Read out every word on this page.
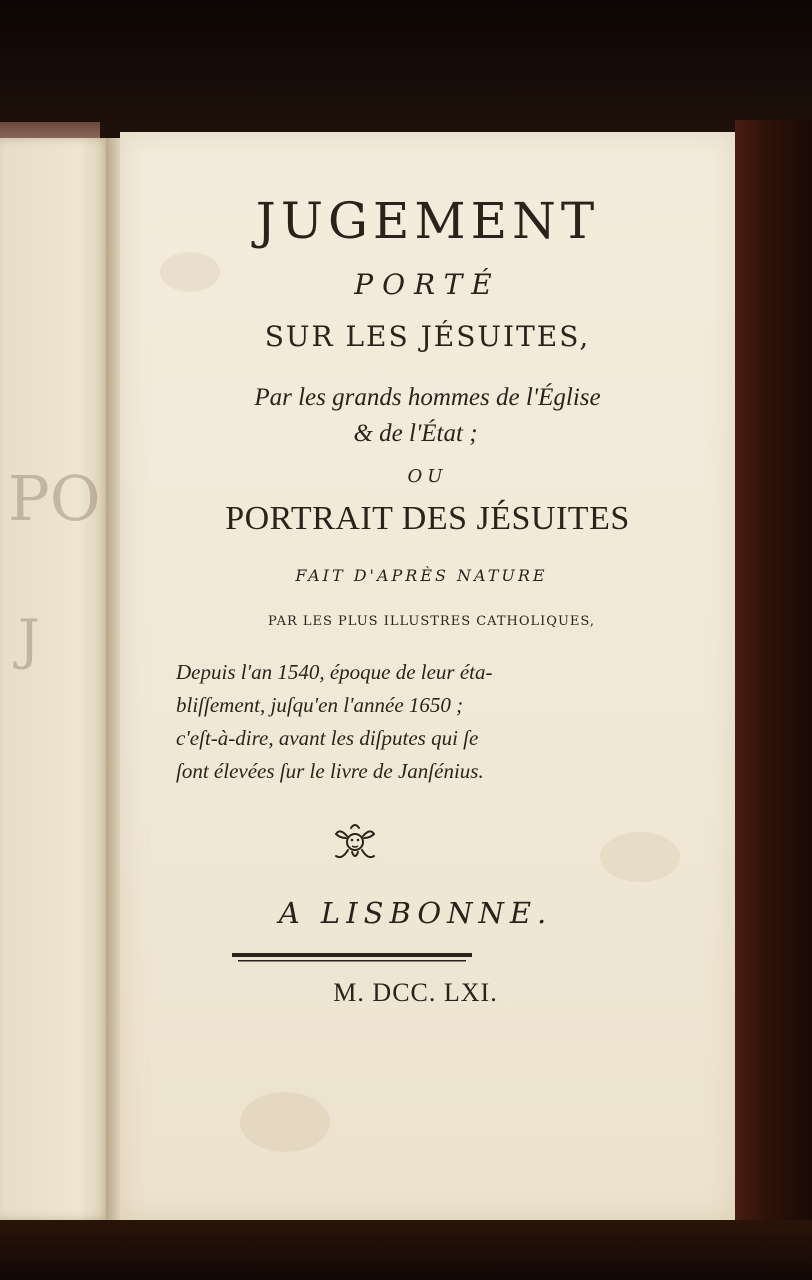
PO
J
JUGEMENT
PORTÉ
SUR LES JÉSUITES,
Par les grands hommes de l'Église
& de l'État ;
OU
PORTRAIT DES JÉSUITES
FAIT D'APRÈS NATURE
PAR LES PLUS ILLUSTRES CATHOLIQUES,
Depuis l'an 1540, époque de leur éta-
bliſſement, juſqu'en l'année 1650 ;
c'eſt-à-dire, avant les diſputes qui ſe
ſont élevées ſur le livre de Janſénius.
A LISBONNE.
M. DCC. LXI.
